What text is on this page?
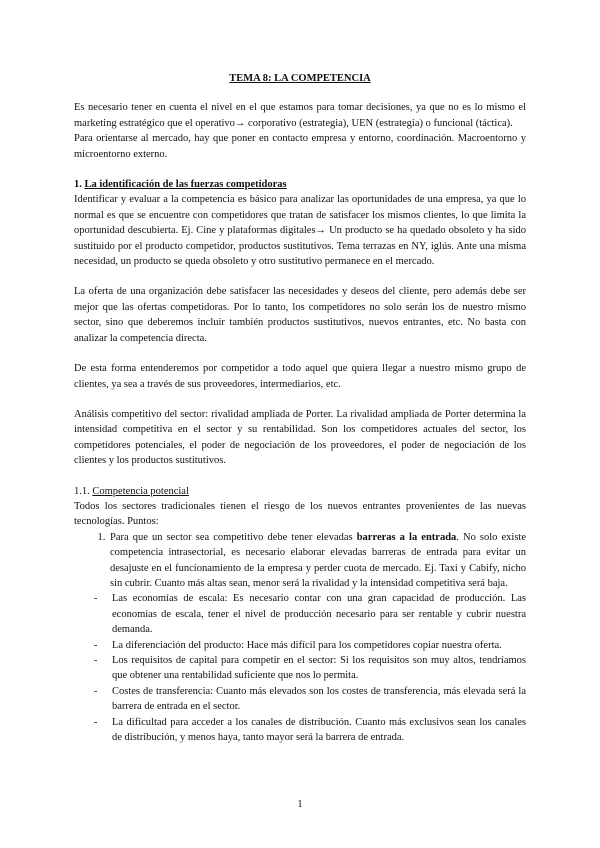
TEMA 8: LA COMPETENCIA

Es necesario tener en cuenta el nivel en el que estamos para tomar decisiones, ya que no es lo mismo el marketing estratégico que el operativo→ corporativo (estrategia), UEN (estrategia) o funcional (táctica).

Para orientarse al mercado, hay que poner en contacto empresa y entorno, coordinación. Macroentorno y microentorno externo.

1. La identificación de las fuerzas competidoras

Identificar y evaluar a la competencia es básico para analizar las oportunidades de una empresa, ya que lo normal es que se encuentre con competidores que tratan de satisfacer los mismos clientes, lo que limita la oportunidad descubierta. Ej. Cine y plataformas digitales→ Un producto se ha quedado obsoleto y ha sido sustituido por el producto competidor, productos sustitutivos. Tema terrazas en NY, iglús. Ante una misma necesidad, un producto se queda obsoleto y otro sustitutivo permanece en el mercado.

La oferta de una organización debe satisfacer las necesidades y deseos del cliente, pero además debe ser mejor que las ofertas competidoras. Por lo tanto, los competidores no solo serán los de nuestro mismo sector, sino que deberemos incluir también productos sustitutivos, nuevos entrantes, etc. No basta con analizar la competencia directa.

De esta forma entenderemos por competidor a todo aquel que quiera llegar a nuestro mismo grupo de clientes, ya sea a través de sus proveedores, intermediarios, etc.

Análisis competitivo del sector: rivalidad ampliada de Porter. La rivalidad ampliada de Porter determina la intensidad competitiva en el sector y su rentabilidad. Son los competidores actuales del sector, los competidores potenciales, el poder de negociación de los proveedores, el poder de negociación de los clientes y los productos sustitutivos.

1.1. Competencia potencial

Todos los sectores tradicionales tienen el riesgo de los nuevos entrantes provenientes de las nuevas tecnologías. Puntos:

1. Para que un sector sea competitivo debe tener elevadas barreras a la entrada. No solo existe competencia intrasectorial, es necesario elaborar elevadas barreras de entrada para evitar un desajuste en el funcionamiento de la empresa y perder cuota de mercado. Ej. Taxi y Cabify, nicho sin cubrir. Cuanto más altas sean, menor será la rivalidad y la intensidad competitiva será baja.
- Las economías de escala: Es necesario contar con una gran capacidad de producción. Las economías de escala, tener el nivel de producción necesario para ser rentable y cubrir nuestra demanda.
- La diferenciación del producto: Hace más difícil para los competidores copiar nuestra oferta.
- Los requisitos de capital para competir en el sector: Si los requisitos son muy altos, tendríamos que obtener una rentabilidad suficiente que nos lo permita.
- Costes de transferencia: Cuanto más elevados son los costes de transferencia, más elevada será la barrera de entrada en el sector.
- La dificultad para acceder a los canales de distribución. Cuanto más exclusivos sean los canales de distribución, y menos haya, tanto mayor será la barrera de entrada.
1
